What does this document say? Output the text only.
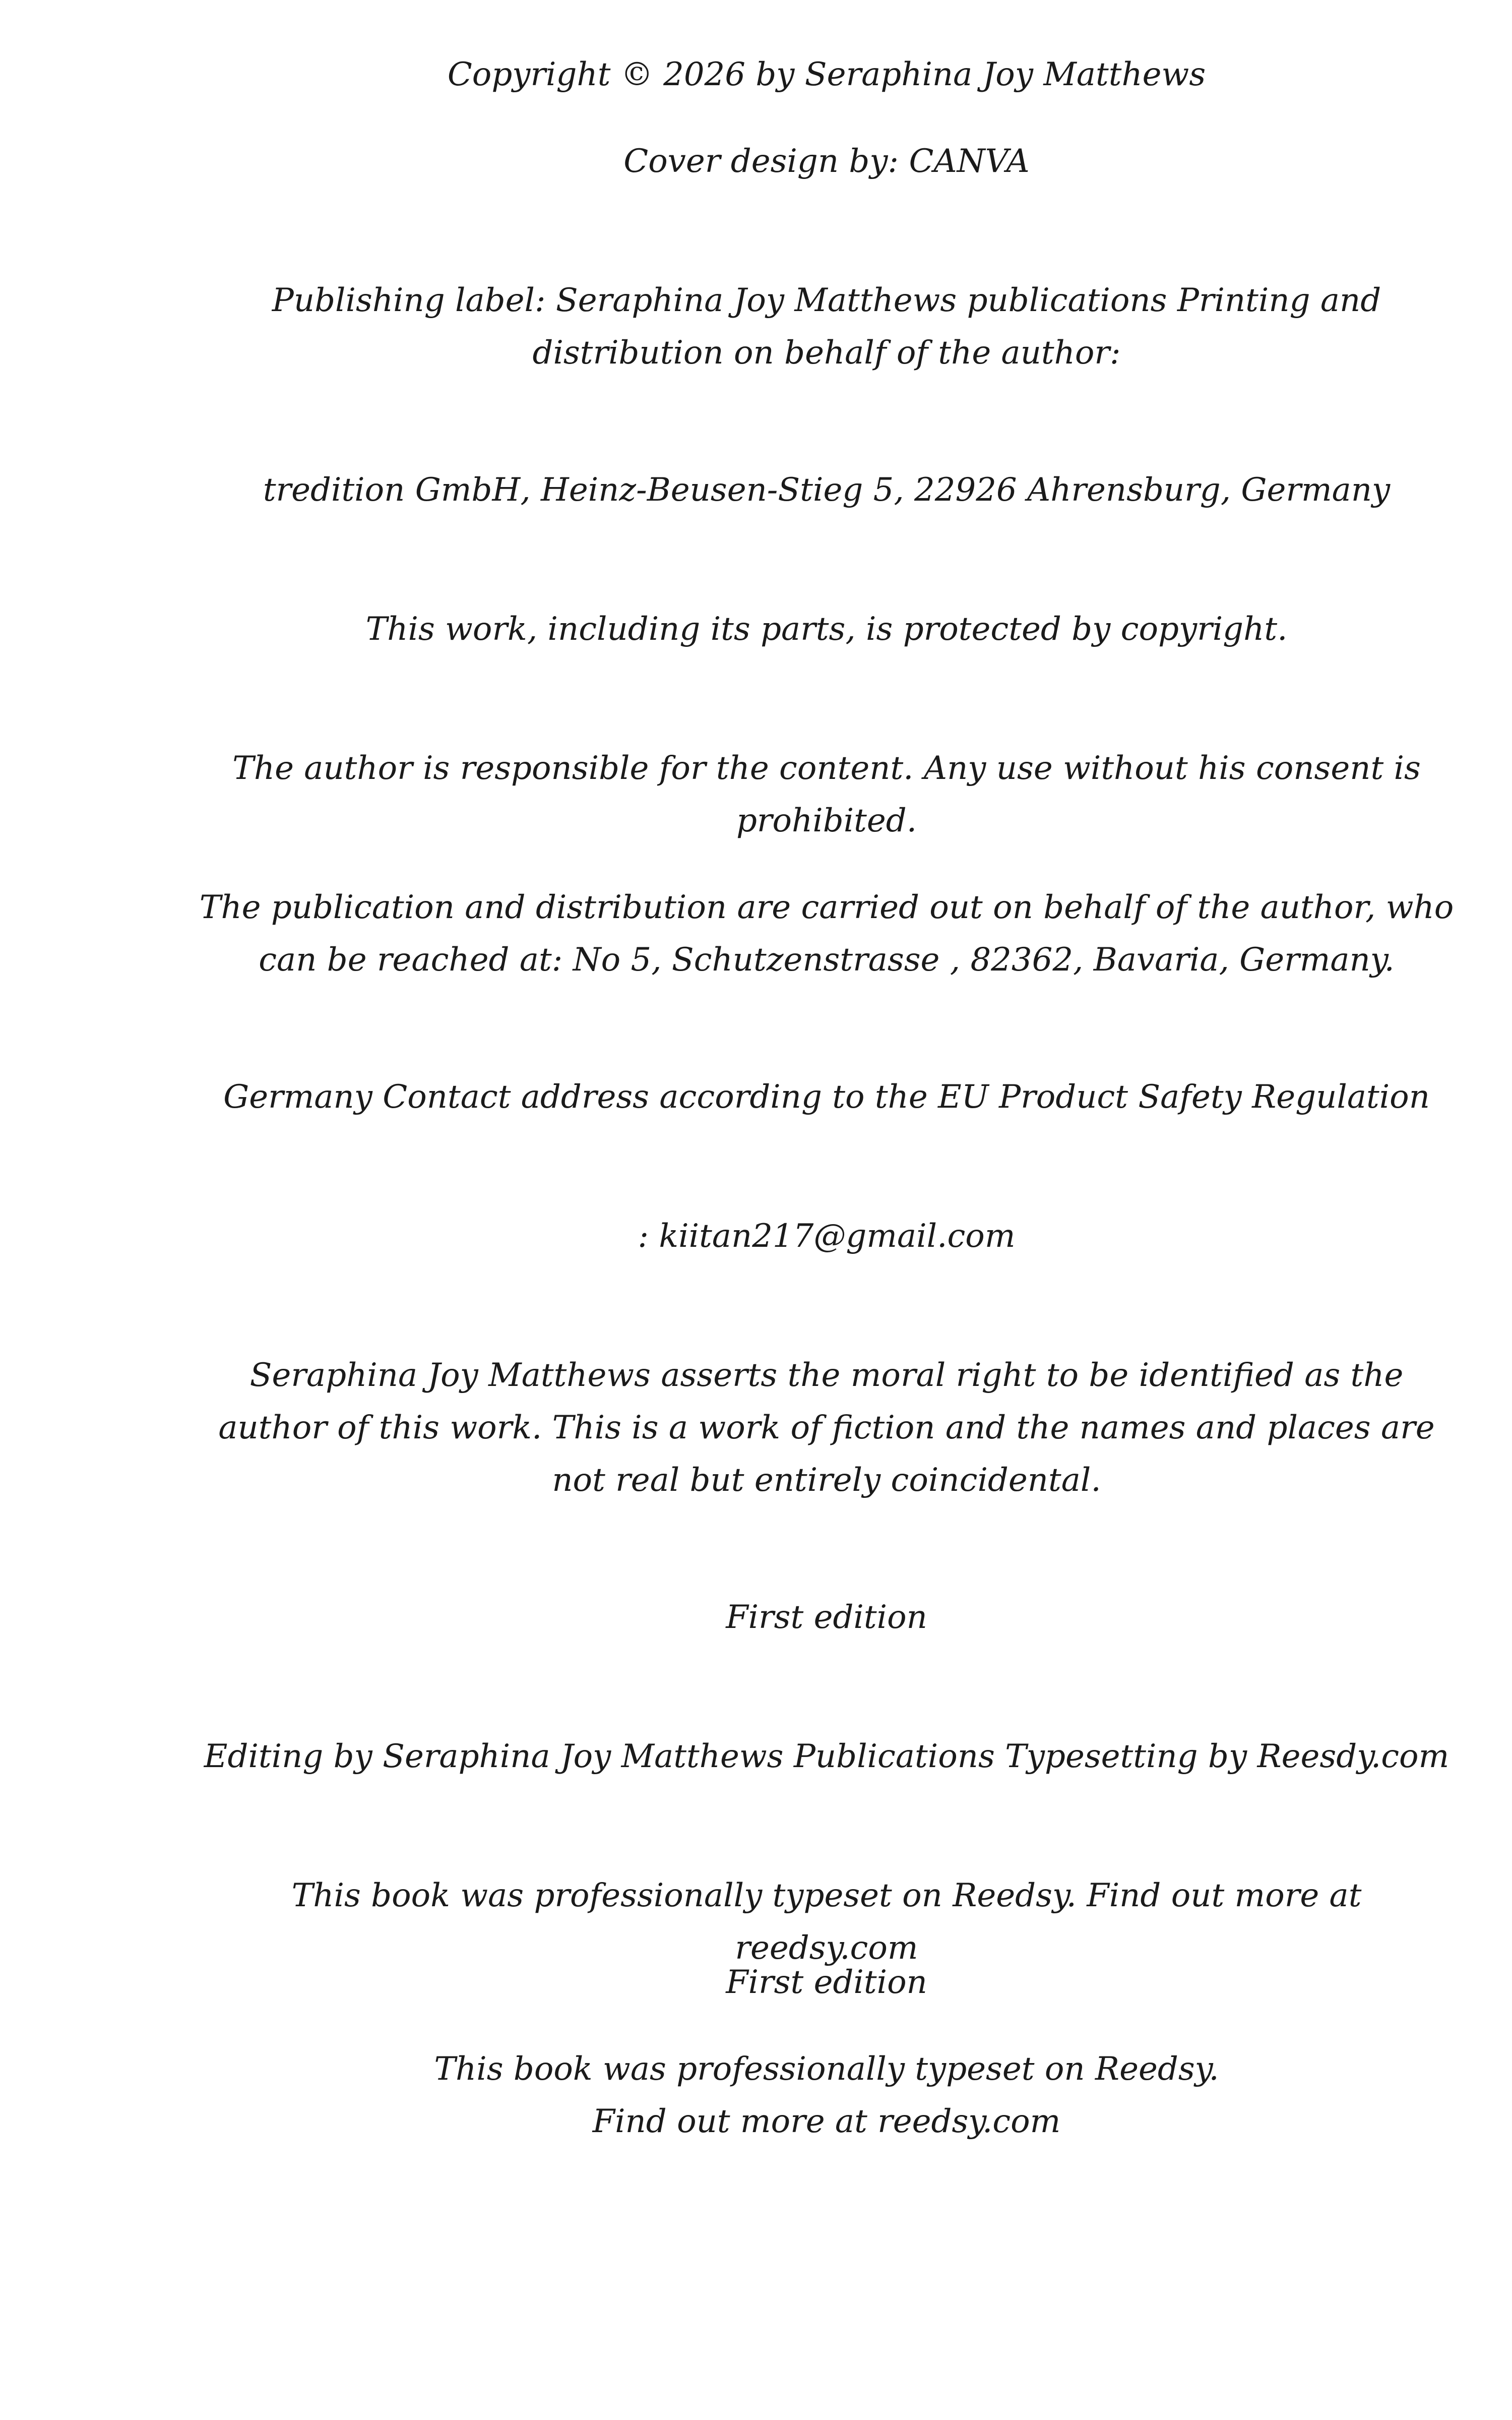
Copyright © 2026 by Seraphina Joy Matthews

Cover design by: CANVA

Publishing label: Seraphina Joy Matthews publications Printing and distribution on behalf of the author:

tredition GmbH, Heinz-Beusen-Stieg 5, 22926 Ahrensburg, Germany

This work, including its parts, is protected by copyright.

The author is responsible for the content. Any use without his consent is prohibited.

The publication and distribution are carried out on behalf of the author, who can be reached at: No 5, Schutzenstrasse , 82362, Bavaria, Germany.

Germany Contact address according to the EU Product Safety Regulation

: kiitan217@gmail.com

Seraphina Joy Matthews asserts the moral right to be identified as the author of this work. This is a work of fiction and the names and places are not real but entirely coincidental.

First edition

Editing by Seraphina Joy Matthews Publications Typesetting by Reesdy.com

This book was professionally typeset on Reedsy. Find out more at reedsy.com

First edition

This book was professionally typeset on Reedsy.
Find out more at reedsy.com
